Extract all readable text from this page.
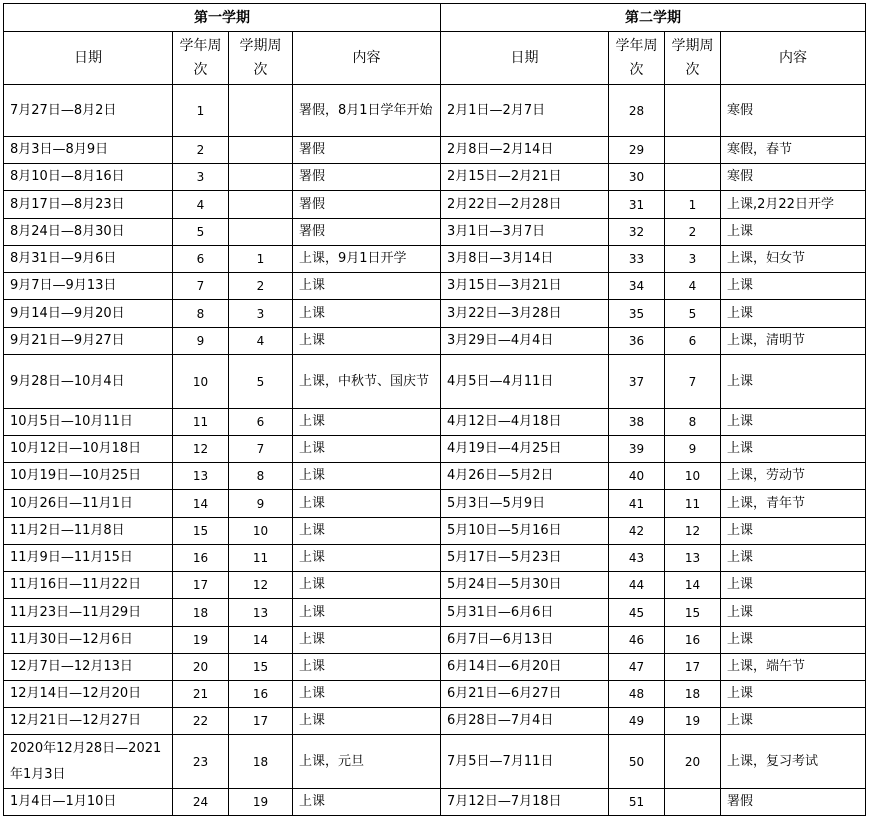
第一学期				第二学期			
日期	学年周次	学期周次	内容	日期	学年周次	学期周次	内容
7月27日—8月2日	1		署假，8月1日学年开始	2月1日—2月7日	28		寒假
8月3日—8月9日	2		署假	2月8日—2月14日	29		寒假，春节
8月10日—8月16日	3		署假	2月15日—2月21日	30		寒假
8月17日—8月23日	4		署假	2月22日—2月28日	31	1	上课,2月22日开学
8月24日—8月30日	5		署假	3月1日—3月7日	32	2	上课
8月31日—9月6日	6	1	上课，9月1日开学	3月8日—3月14日	33	3	上课，妇女节
9月7日—9月13日	7	2	上课	3月15日—3月21日	34	4	上课
9月14日—9月20日	8	3	上课	3月22日—3月28日	35	5	上课
9月21日—9月27日	9	4	上课	3月29日—4月4日	36	6	上课，清明节
9月28日—10月4日	10	5	上课，中秋节、国庆节	4月5日—4月11日	37	7	上课
10月5日—10月11日	11	6	上课	4月12日—4月18日	38	8	上课
10月12日—10月18日	12	7	上课	4月19日—4月25日	39	9	上课
10月19日—10月25日	13	8	上课	4月26日—5月2日	40	10	上课，劳动节
10月26日—11月1日	14	9	上课	5月3日—5月9日	41	11	上课，青年节
11月2日—11月8日	15	10	上课	5月10日—5月16日	42	12	上课
11月9日—11月15日	16	11	上课	5月17日—5月23日	43	13	上课
11月16日—11月22日	17	12	上课	5月24日—5月30日	44	14	上课
11月23日—11月29日	18	13	上课	5月31日—6月6日	45	15	上课
11月30日—12月6日	19	14	上课	6月7日—6月13日	46	16	上课
12月7日—12月13日	20	15	上课	6月14日—6月20日	47	17	上课，端午节
12月14日—12月20日	21	16	上课	6月21日—6月27日	48	18	上课
12月21日—12月27日	22	17	上课	6月28日—7月4日	49	19	上课
2020年12月28日—2021年1月3日	23	18	上课，元旦	7月5日—7月11日	50	20	上课，复习考试
1月4日—1月10日	24	19	上课	7月12日—7月18日	51		署假
